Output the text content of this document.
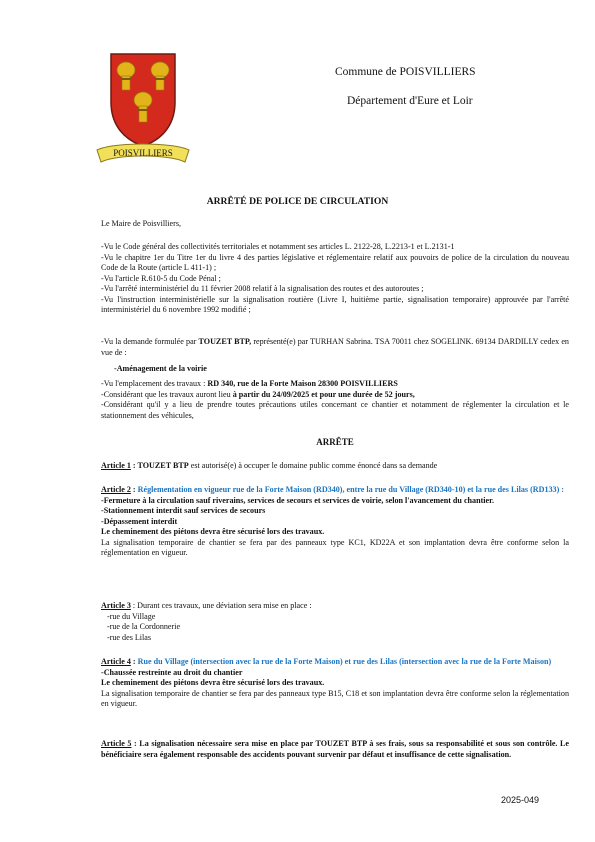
POISVILLIERS
Commune de POISVILLIERS
Département d'Eure et Loir
ARRÊTÉ DE POLICE DE CIRCULATION
Le Maire de Poisvilliers,

-Vu le Code général des collectivités territoriales et notamment ses articles L. 2122-28, L.2213-1 et L.2131-1

-Vu le chapitre 1er du Titre 1er du livre 4 des parties législative et réglementaire relatif aux pouvoirs de police de la circulation du nouveau Code de la Route (article L 411-1) ;

-Vu l'article R.610-5 du Code Pénal ;

-Vu l'arrêté interministériel du 11 février 2008 relatif à la signalisation des routes et des autoroutes ;

-Vu l'instruction interministérielle sur la signalisation routière (Livre I, huitième partie, signalisation temporaire) approuvée par l'arrêté interministériel du 6 novembre 1992 modifié ;

-Vu la demande formulée par TOUZET BTP, représenté(e) par TURHAN Sabrina. TSA 70011 chez SOGELINK. 69134 DARDILLY cedex en vue de :
-Aménagement de la voirie

-Vu l'emplacement des travaux : RD 340, rue de la Forte Maison 28300 POISVILLIERS

-Considérant que les travaux auront lieu à partir du 24/09/2025 et pour une durée de 52 jours,

-Considérant qu'il y a lieu de prendre toutes précautions utiles concernant ce chantier et notamment de réglementer la circulation et le stationnement des véhicules,

ARRÊTE
Article 1 : TOUZET BTP est autorisé(e) à occuper le domaine public comme énoncé dans sa demande

Article 2 : Réglementation en vigueur rue de la Forte Maison (RD340), entre la rue du Village (RD340-10) et la rue des Lilas (RD133) :

-Fermeture à la circulation sauf riverains, services de secours et services de voirie, selon l'avancement du chantier.

-Stationnement interdit sauf services de secours

-Dépassement interdit

Le cheminement des piétons devra être sécurisé lors des travaux.

La signalisation temporaire de chantier se fera par des panneaux type KC1, KD22A et son implantation devra être conforme selon la réglementation en vigueur.

Article 3 : Durant ces travaux, une déviation sera mise en place :

-rue du Village

-rue de la Cordonnerie

-rue des Lilas

Article 4 : Rue du Village (intersection avec la rue de la Forte Maison) et rue des Lilas (intersection avec la rue de la Forte Maison)

-Chaussée restreinte au droit du chantier

Le cheminement des piétons devra être sécurisé lors des travaux.

La signalisation temporaire de chantier se fera par des panneaux type B15, C18 et son implantation devra être conforme selon la réglementation en vigueur.

Article 5 : La signalisation nécessaire sera mise en place par TOUZET BTP à ses frais, sous sa responsabilité et sous son contrôle. Le bénéficiaire sera également responsable des accidents pouvant survenir par défaut et insuffisance de cette signalisation.
2025-049
